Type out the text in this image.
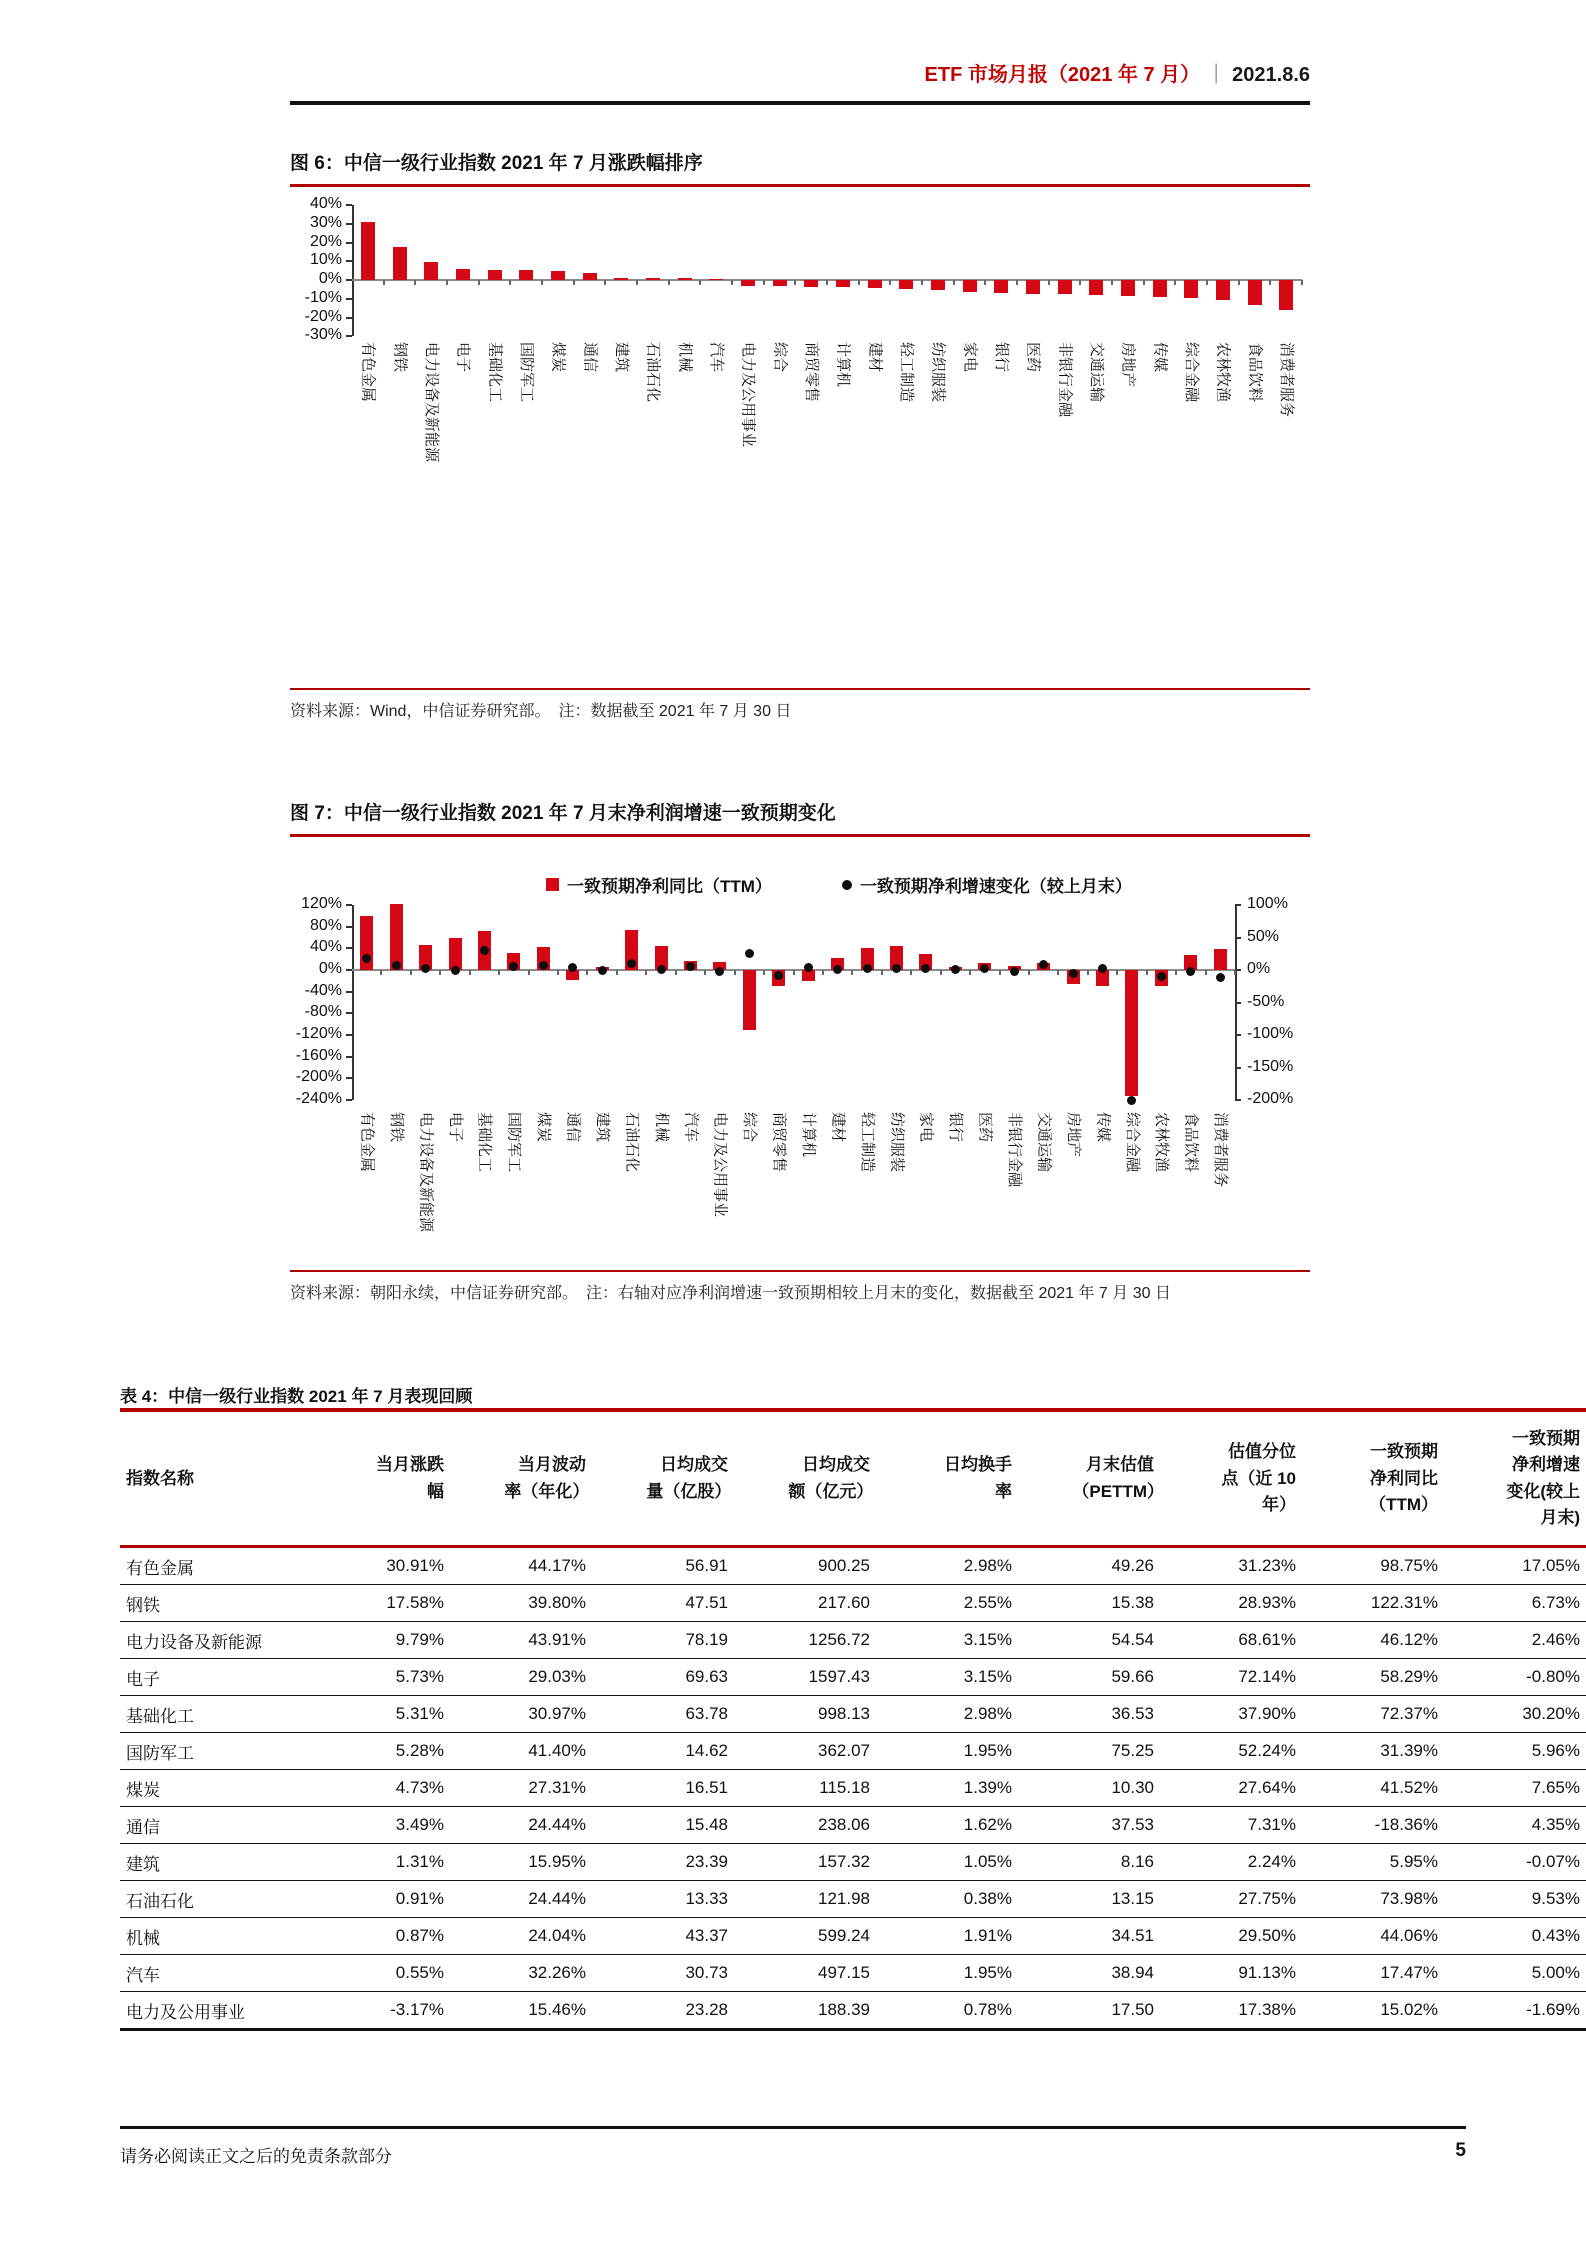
ETF 市场月报（2021 年 7 月） ｜ 2021.8.6
图 6：中信一级行业指数 2021 年 7 月涨跌幅排序
40%
30%
20%
10%
0%
-10%
-20%
-30%
有色金属 钢铁 电力设备及新能源 电子 基础化工 国防军工 煤炭 通信 建筑 石油石化 机械 汽车 电力及公用事业 综合 商贸零售 计算机 建材 轻工制造 纺织服装 家电 银行 医药 非银行金融 交通运输 房地产 传媒 综合金融 农林牧渔 食品饮料 消费者服务
资料来源：Wind，中信证券研究部。　注：数据截至 2021 年 7 月 30 日
图 7：中信一级行业指数 2021 年 7 月末净利润增速一致预期变化
一致预期净利同比（TTM）	一致预期净利增速变化（较上月末）
120%
80%
40%
0%
-40%
-80%
-120%
-160%
-200%
-240%
100%
50%
0%
-50%
-100%
-150%
-200%
有色金属 钢铁 电力设备及新能源 电子 基础化工 国防军工 煤炭 通信 建筑 石油石化 机械 汽车 电力及公用事业 综合 商贸零售 计算机 建材 轻工制造 纺织服装 家电 银行 医药 非银行金融 交通运输 房地产 传媒 综合金融 农林牧渔 食品饮料 消费者服务
资料来源：朝阳永续，中信证券研究部。　注：右轴对应净利润增速一致预期相较上月末的变化，数据截至 2021 年 7 月 30 日
表 4：中信一级行业指数 2021 年 7 月表现回顾
指数名称	当月涨跌幅	当月波动率（年化）	日均成交量（亿股）	日均成交额（亿元）	日均换手率	月末估值（PETTM）	估值分位点（近 10 年）	一致预期净利同比（TTM）	一致预期净利增速变化(较上月末)
有色金属	30.91%	44.17%	56.91	900.25	2.98%	49.26	31.23%	98.75%	17.05%
钢铁	17.58%	39.80%	47.51	217.60	2.55%	15.38	28.93%	122.31%	6.73%
电力设备及新能源	9.79%	43.91%	78.19	1256.72	3.15%	54.54	68.61%	46.12%	2.46%
电子	5.73%	29.03%	69.63	1597.43	3.15%	59.66	72.14%	58.29%	-0.80%
基础化工	5.31%	30.97%	63.78	998.13	2.98%	36.53	37.90%	72.37%	30.20%
国防军工	5.28%	41.40%	14.62	362.07	1.95%	75.25	52.24%	31.39%	5.96%
煤炭	4.73%	27.31%	16.51	115.18	1.39%	10.30	27.64%	41.52%	7.65%
通信	3.49%	24.44%	15.48	238.06	1.62%	37.53	7.31%	-18.36%	4.35%
建筑	1.31%	15.95%	23.39	157.32	1.05%	8.16	2.24%	5.95%	-0.07%
石油石化	0.91%	24.44%	13.33	121.98	0.38%	13.15	27.75%	73.98%	9.53%
机械	0.87%	24.04%	43.37	599.24	1.91%	34.51	29.50%	44.06%	0.43%
汽车	0.55%	32.26%	30.73	497.15	1.95%	38.94	91.13%	17.47%	5.00%
电力及公用事业	-3.17%	15.46%	23.28	188.39	0.78%	17.50	17.38%	15.02%	-1.69%
请务必阅读正文之后的免责条款部分	5
